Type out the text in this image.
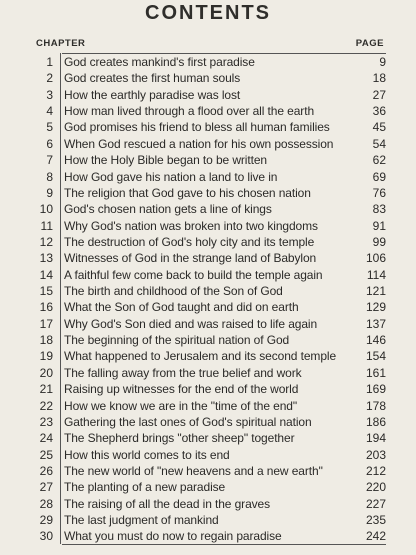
CONTENTS
CHAPTER	PAGE
1 God creates mankind's first paradise	9
2 God creates the first human souls	18
3 How the earthly paradise was lost	27
4 How man lived through a flood over all the earth	36
5 God promises his friend to bless all human families	45
6 When God rescued a nation for his own possession	54
7 How the Holy Bible began to be written	62
8 How God gave his nation a land to live in	69
9 The religion that God gave to his chosen nation	76
10 God's chosen nation gets a line of kings	83
11 Why God's nation was broken into two kingdoms	91
12 The destruction of God's holy city and its temple	99
13 Witnesses of God in the strange land of Babylon	106
14 A faithful few come back to build the temple again	114
15 The birth and childhood of the Son of God	121
16 What the Son of God taught and did on earth	129
17 Why God's Son died and was raised to life again	137
18 The beginning of the spiritual nation of God	146
19 What happened to Jerusalem and its second temple	154
20 The falling away from the true belief and work	161
21 Raising up witnesses for the end of the world	169
22 How we know we are in the "time of the end"	178
23 Gathering the last ones of God's spiritual nation	186
24 The Shepherd brings "other sheep" together	194
25 How this world comes to its end	203
26 The new world of "new heavens and a new earth"	212
27 The planting of a new paradise	220
28 The raising of all the dead in the graves	227
29 The last judgment of mankind	235
30 What you must do now to regain paradise	242
